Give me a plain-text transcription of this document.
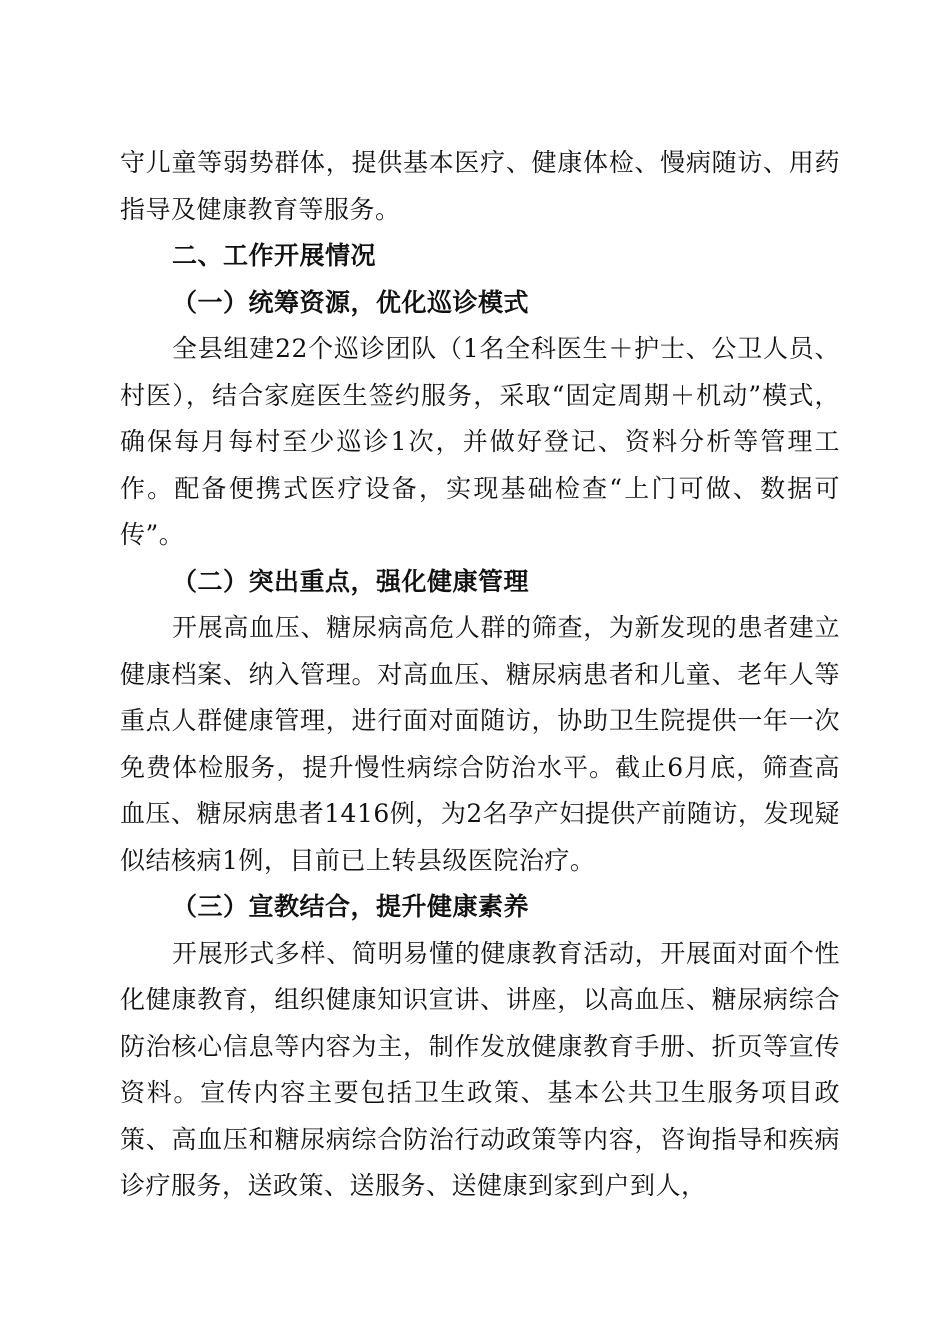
守儿童等弱势群体，提供基本医疗、健康体检、慢病随访、用药指导及健康教育等服务。

二、工作开展情况

（一）统筹资源，优化巡诊模式

全县组建22个巡诊团队（1名全科医生＋护士、公卫人员、村医），结合家庭医生签约服务，采取“固定周期＋机动”模式，确保每月每村至少巡诊1次，并做好登记、资料分析等管理工作。配备便携式医疗设备，实现基础检查“上门可做、数据可传”。

（二）突出重点，强化健康管理

开展高血压、糖尿病高危人群的筛查，为新发现的患者建立健康档案、纳入管理。对高血压、糖尿病患者和儿童、老年人等重点人群健康管理，进行面对面随访，协助卫生院提供一年一次免费体检服务，提升慢性病综合防治水平。截止6月底，筛查高血压、糖尿病患者1416例，为2名孕产妇提供产前随访，发现疑似结核病1例，目前已上转县级医院治疗。

（三）宣教结合，提升健康素养

开展形式多样、简明易懂的健康教育活动，开展面对面个性化健康教育，组织健康知识宣讲、讲座，以高血压、糖尿病综合防治核心信息等内容为主，制作发放健康教育手册、折页等宣传资料。宣传内容主要包括卫生政策、基本公共卫生服务项目政策、高血压和糖尿病综合防治行动政策等内容，咨询指导和疾病诊疗服务，送政策、送服务、送健康到家到户到人，
